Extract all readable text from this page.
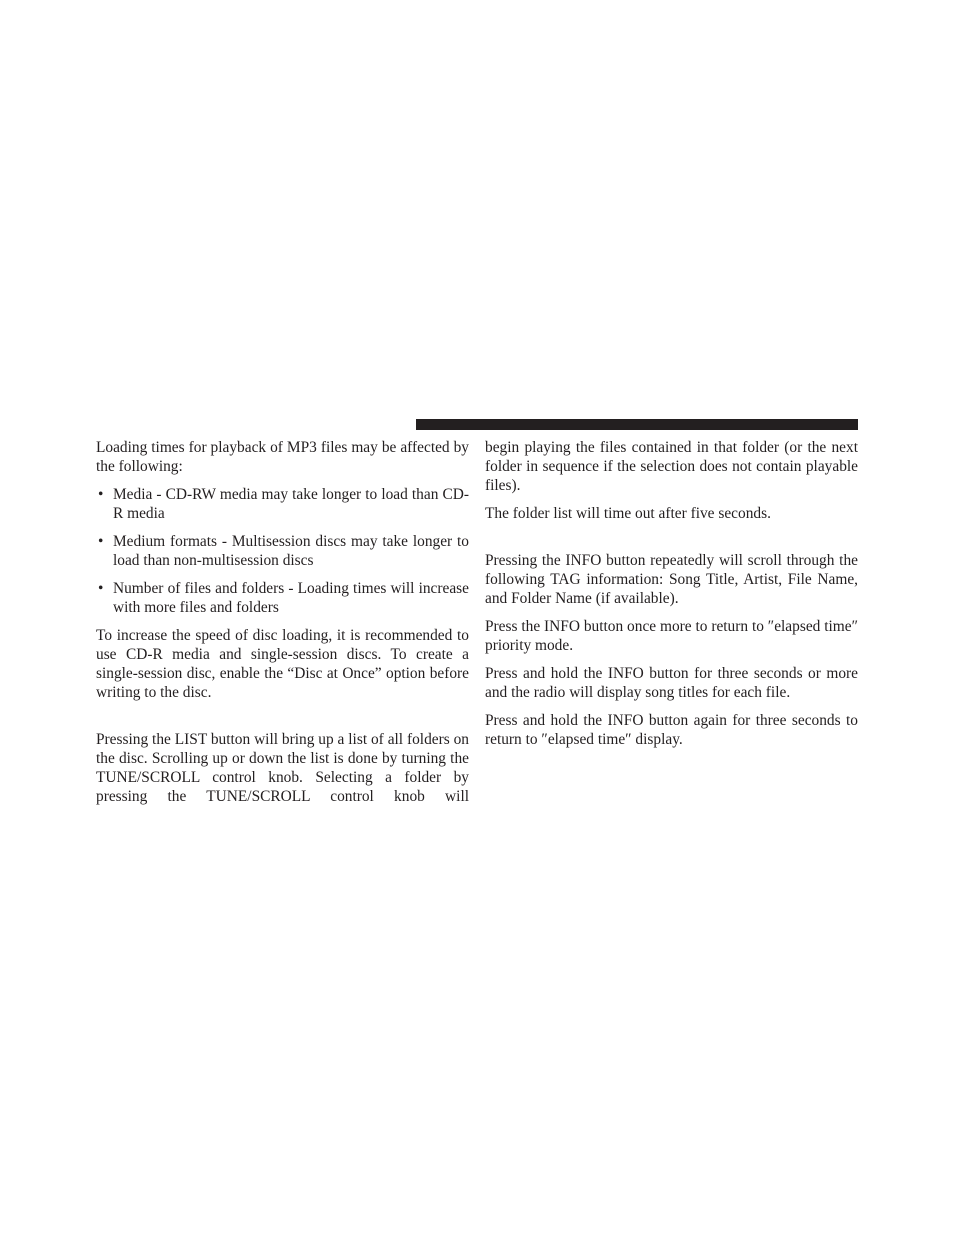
Loading times for playback of MP3 files may be affected by the following:

• Media - CD-RW media may take longer to load than CD-R media
• Medium formats - Multisession discs may take longer to load than non-multisession discs
• Number of files and folders - Loading times will increase with more files and folders

To increase the speed of disc loading, it is recommended to use CD-R media and single-session discs. To create a single-session disc, enable the “Disc at Once” option before writing to the disc.

Pressing the LIST button will bring up a list of all folders on the disc. Scrolling up or down the list is done by turning the TUNE/SCROLL control knob. Selecting a folder by pressing the TUNE/SCROLL control knob will

begin playing the files contained in that folder (or the next folder in sequence if the selection does not contain playable files).

The folder list will time out after five seconds.

Pressing the INFO button repeatedly will scroll through the following TAG information: Song Title, Artist, File Name, and Folder Name (if available).

Press the INFO button once more to return to ″elapsed time″ priority mode.

Press and hold the INFO button for three seconds or more and the radio will display song titles for each file.

Press and hold the INFO button again for three seconds to return to ″elapsed time″ display.
